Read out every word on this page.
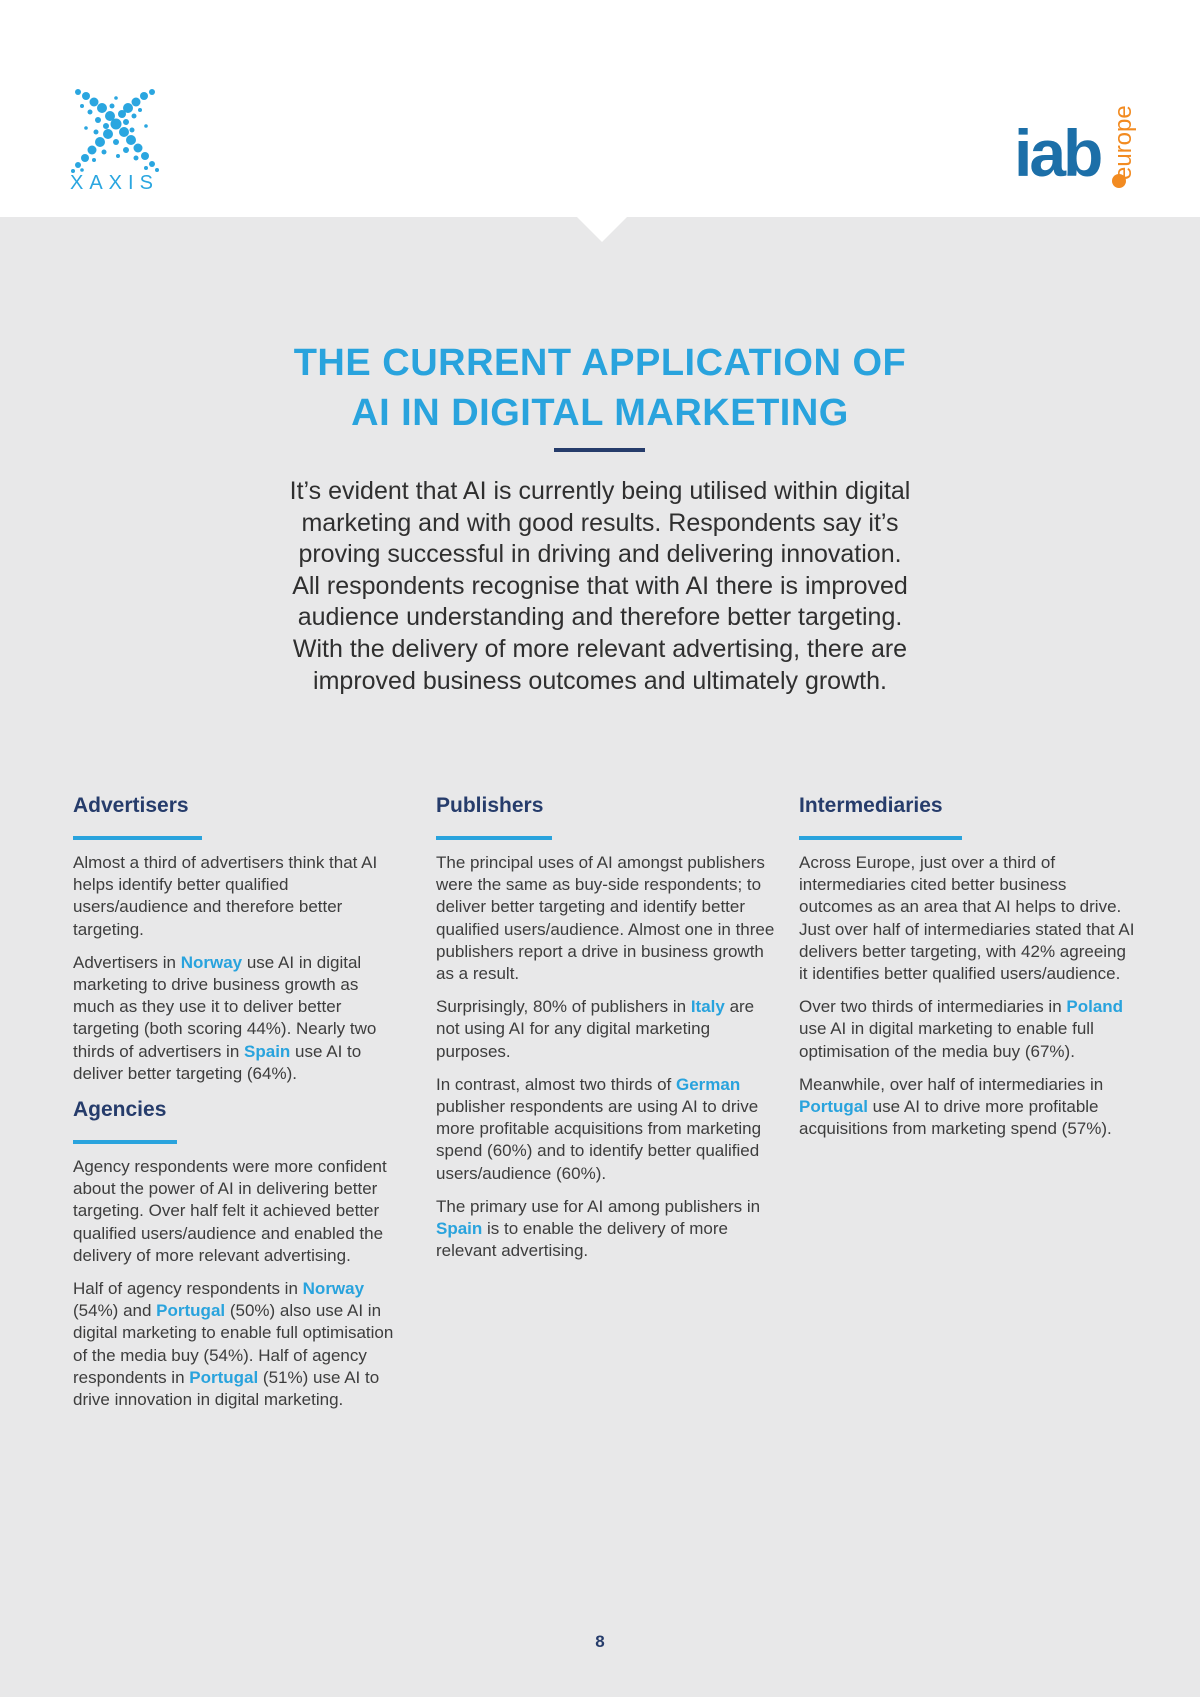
XAXIS	iab europe
THE CURRENT APPLICATION OF
AI IN DIGITAL MARKETING
It’s evident that AI is currently being utilised within digital
marketing and with good results. Respondents say it’s
proving successful in driving and delivering innovation.
All respondents recognise that with AI there is improved
audience understanding and therefore better targeting.
With the delivery of more relevant advertising, there are
improved business outcomes and ultimately growth.
Advertisers

Almost a third of advertisers think that AI helps identify better qualified users/audience and therefore better targeting.

Advertisers in Norway use AI in digital marketing to drive business growth as much as they use it to deliver better targeting (both scoring 44%). Nearly two thirds of advertisers in Spain use AI to deliver better targeting (64%).

Agencies

Agency respondents were more confident about the power of AI in delivering better targeting. Over half felt it achieved better qualified users/audience and enabled the delivery of more relevant advertising.

Half of agency respondents in Norway (54%) and Portugal (50%) also use AI in digital marketing to enable full optimisation of the media buy (54%). Half of agency respondents in Portugal (51%) use AI to drive innovation in digital marketing.

Publishers

The principal uses of AI amongst publishers were the same as buy-side respondents; to deliver better targeting and identify better qualified users/audience. Almost one in three publishers report a drive in business growth as a result.

Surprisingly, 80% of publishers in Italy are not using AI for any digital marketing purposes.

In contrast, almost two thirds of German publisher respondents are using AI to drive more profitable acquisitions from marketing spend (60%) and to identify better qualified users/audience (60%).

The primary use for AI among publishers in Spain is to enable the delivery of more relevant advertising.

Intermediaries

Across Europe, just over a third of intermediaries cited better business outcomes as an area that AI helps to drive. Just over half of intermediaries stated that AI delivers better targeting, with 42% agreeing it identifies better qualified users/audience.

Over two thirds of intermediaries in Poland use AI in digital marketing to enable full optimisation of the media buy (67%).

Meanwhile, over half of intermediaries in Portugal use AI to drive more profitable acquisitions from marketing spend (57%).

8
